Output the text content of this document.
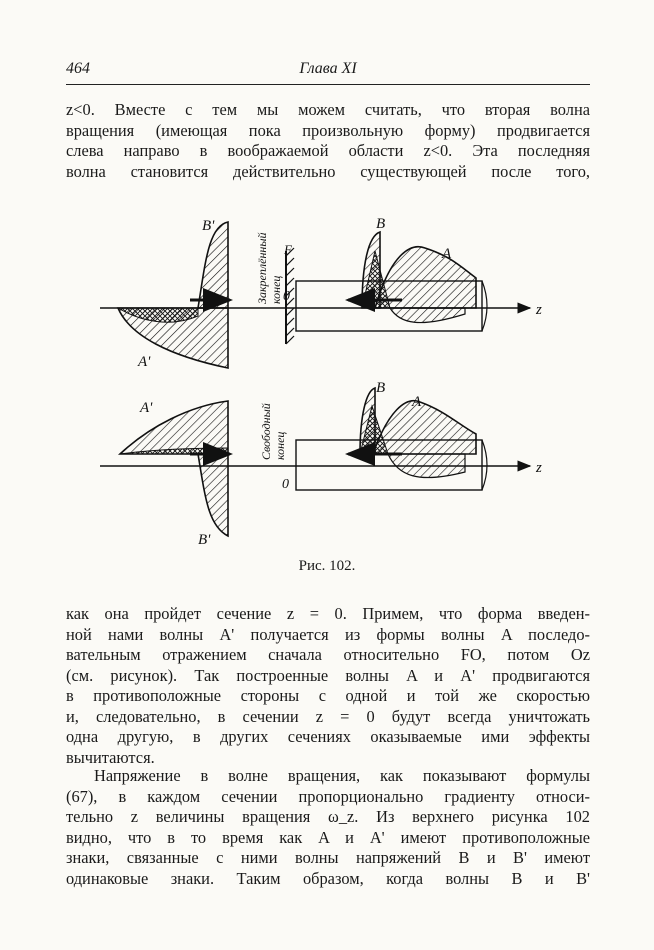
464	Глава XI
z<0. Вместе с тем мы можем считать, что вторая волна
вращения (имеющая пока произвольную форму) продвигается
слева направо в воображаемой области z<0. Эта последняя
волна становится действительно существующей после того,
B'
A'
B
A
F
0
z
Закреплённый конец
A'
B'
B
A
0
z
Свободный конец
Рис. 102.
как она пройдет сечение z = 0. Примем, что форма введен-
ной нами волны A' получается из формы волны A последо-
вательным отражением сначала относительно FO, потом Oz
(см. рисунок). Так построенные волны A и A' продвигаются
в противоположные стороны с одной и той же скоростью
и, следовательно, в сечении z = 0 будут всегда уничтожать
одна другую, в других сечениях оказываемые ими эффекты
вычитаются.
Напряжение в волне вращения, как показывают формулы
(67), в каждом сечении пропорционально градиенту относи-
тельно z величины вращения ω_z. Из верхнего рисунка 102
видно, что в то время как A и A' имеют противоположные
знаки, связанные с ними волны напряжений B и B' имеют
одинаковые знаки. Таким образом, когда волны B и B'
